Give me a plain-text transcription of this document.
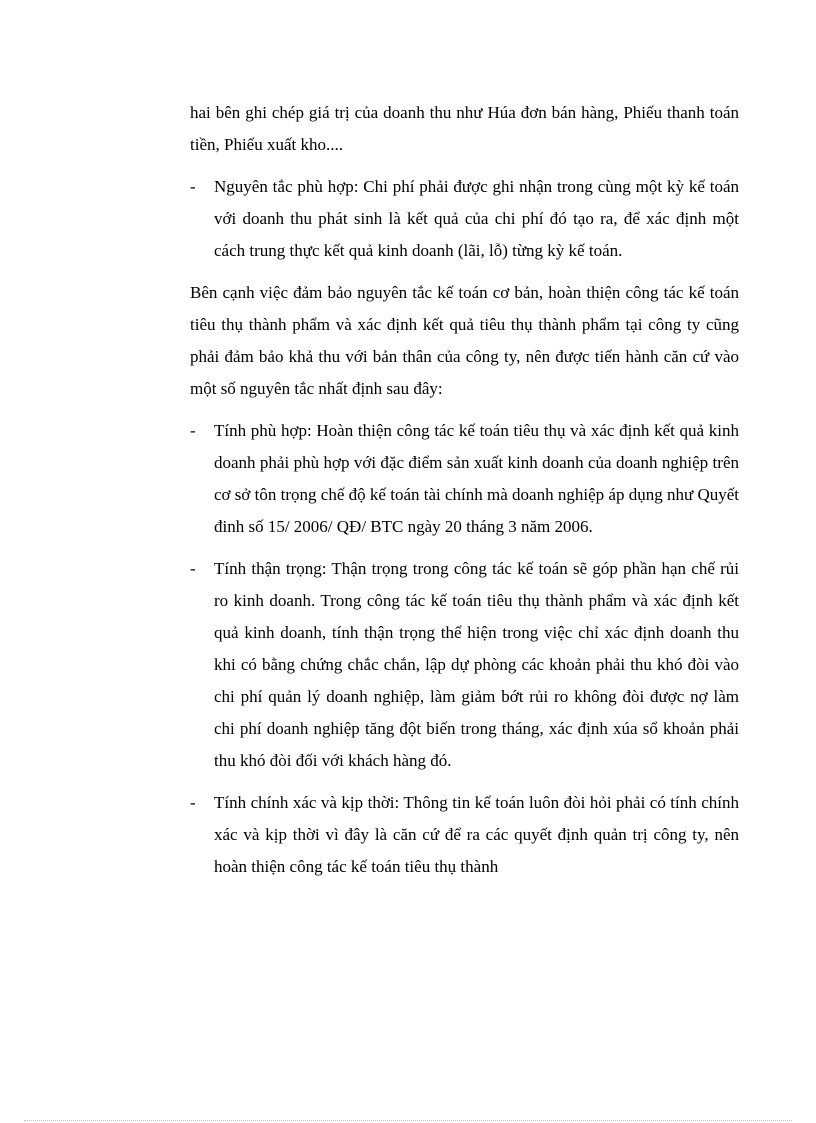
hai bên ghi chép giá trị của doanh thu như Húa đơn bán hàng, Phiếu thanh toán tiền, Phiếu xuất kho....

- Nguyên tắc phù hợp: Chi phí phải được ghi nhận trong cùng một kỳ kế toán với doanh thu phát sinh là kết quả của chi phí đó tạo ra, để xác định một cách trung thực kết quả kinh doanh (lãi, lỗ) từng kỳ kế toán.

Bên cạnh việc đảm bảo nguyên tắc kế toán cơ bản, hoàn thiện công tác kế toán tiêu thụ thành phẩm và xác định kết quả tiêu thụ thành phẩm tại công ty cũng phải đảm bảo khả thu với bản thân của công ty, nên được tiến hành căn cứ vào một số nguyên tắc nhất định sau đây:

- Tính phù hợp: Hoàn thiện công tác kế toán tiêu thụ và xác định kết quả kinh doanh phải phù hợp với đặc điểm sản xuất kinh doanh của doanh nghiệp trên cơ sở tôn trọng chế độ kế toán tài chính mà doanh nghiệp áp dụng như Quyết đinh số 15/ 2006/ QĐ/ BTC ngày 20 tháng 3 năm 2006.
- Tính thận trọng: Thận trọng trong công tác kế toán sẽ góp phần hạn chế rủi ro kinh doanh. Trong công tác kế toán tiêu thụ thành phẩm và xác định kết quả kinh doanh, tính thận trọng thể hiện trong việc chỉ xác định doanh thu khi có bằng chứng chắc chắn, lập dự phòng các khoản phải thu khó đòi vào chi phí quản lý doanh nghiệp, làm giảm bớt rủi ro không đòi được nợ làm chi phí doanh nghiệp tăng đột biến trong tháng, xác định xúa sổ khoản phải thu khó đòi đối với khách hàng đó.
- Tính chính xác và kịp thời: Thông tin kế toán luôn đòi hỏi phải có tính chính xác và kịp thời vì đây là căn cứ để ra các quyết định quản trị công ty, nên hoàn thiện công tác kế toán tiêu thụ thành
